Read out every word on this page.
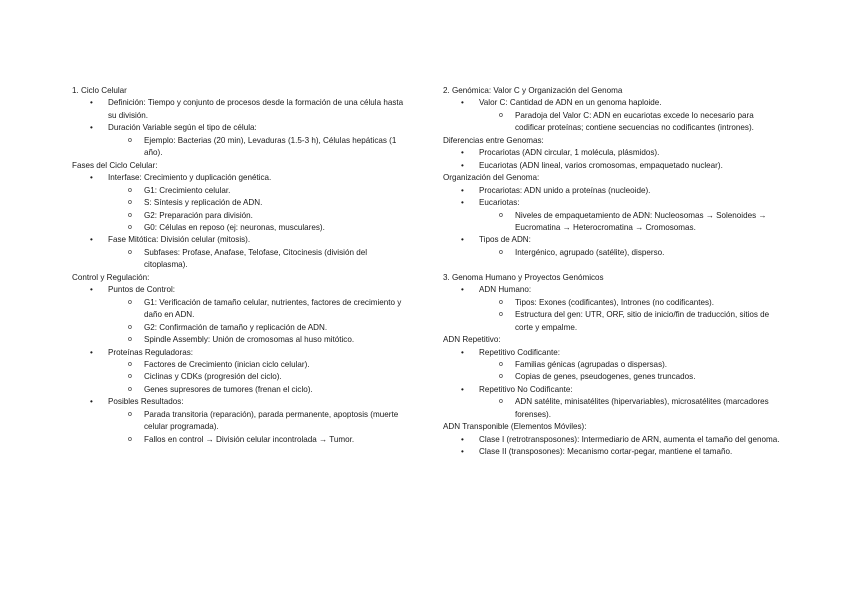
1. Ciclo Celular
• Definición: Tiempo y conjunto de procesos desde la formación de una célula hasta su división.
• Duración Variable según el tipo de célula:
o Ejemplo: Bacterias (20 min), Levaduras (1.5-3 h), Células hepáticas (1 año).
Fases del Ciclo Celular:
• Interfase: Crecimiento y duplicación genética.
o G1: Crecimiento celular.
o S: Síntesis y replicación de ADN.
o G2: Preparación para división.
o G0: Células en reposo (ej: neuronas, musculares).
• Fase Mitótica: División celular (mitosis).
o Subfases: Profase, Anafase, Telofase, Citocinesis (división del citoplasma).
Control y Regulación:
• Puntos de Control:
o G1: Verificación de tamaño celular, nutrientes, factores de crecimiento y daño en ADN.
o G2: Confirmación de tamaño y replicación de ADN.
o Spindle Assembly: Unión de cromosomas al huso mitótico.
• Proteínas Reguladoras:
o Factores de Crecimiento (inician ciclo celular).
o Ciclinas y CDKs (progresión del ciclo).
o Genes supresores de tumores (frenan el ciclo).
• Posibles Resultados:
o Parada transitoria (reparación), parada permanente, apoptosis (muerte celular programada).
o Fallos en control → División celular incontrolada → Tumor.
2. Genómica: Valor C y Organización del Genoma
• Valor C: Cantidad de ADN en un genoma haploide.
o Paradoja del Valor C: ADN en eucariotas excede lo necesario para codificar proteínas; contiene secuencias no codificantes (intrones).
Diferencias entre Genomas:
• Procariotas (ADN circular, 1 molécula, plásmidos).
• Eucariotas (ADN lineal, varios cromosomas, empaquetado nuclear).
Organización del Genoma:
• Procariotas: ADN unido a proteínas (nucleoide).
• Eucariotas:
o Niveles de empaquetamiento de ADN: Nucleosomas → Solenoides → Eucromatina → Heterocromatina → Cromosomas.
• Tipos de ADN:
o Intergénico, agrupado (satélite), disperso.
3. Genoma Humano y Proyectos Genómicos
• ADN Humano:
o Tipos: Exones (codificantes), Intrones (no codificantes).
o Estructura del gen: UTR, ORF, sitio de inicio/fin de traducción, sitios de corte y empalme.
ADN Repetitivo:
• Repetitivo Codificante:
o Familias génicas (agrupadas o dispersas).
o Copias de genes, pseudogenes, genes truncados.
• Repetitivo No Codificante:
o ADN satélite, minisatélites (hipervariables), microsatélites (marcadores forenses).
ADN Transponible (Elementos Móviles):
• Clase I (retrotransposones): Intermediario de ARN, aumenta el tamaño del genoma.
• Clase II (transposones): Mecanismo cortar-pegar, mantiene el tamaño.
